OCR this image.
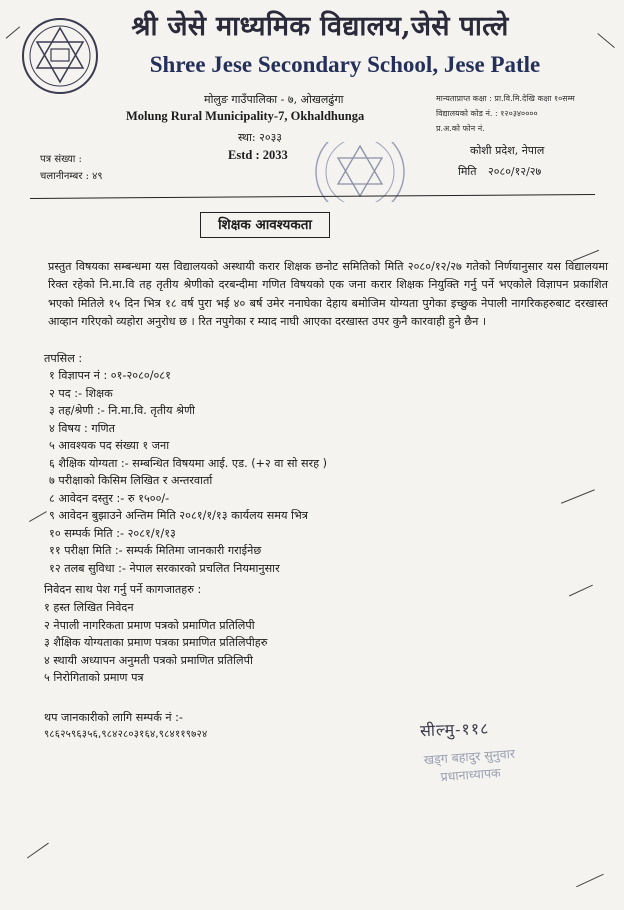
श्री जेसे माध्यमिक विद्यालय,जेसे पात्ले
Shree Jese Secondary School, Jese Patle
मोलुङ गाउँपालिका - ७, ओखलढुंगा
Molung Rural Municipality-7, Okhaldhunga
स्था: २०३३
Estd : 2033
मान्यताप्राप्त कक्षा : प्रा.वि.मि.देखि कक्षा १०सम्म
विद्यालयको कोड नं. : १२०३४००००
प्र.अ.को फोन नं.
कोशी प्रदेश, नेपाल
मिति २०८०/१२/२७
पत्र संख्या :
चलानीनम्बर : ४९
शिक्षक आवश्यकता
प्रस्तुत विषयका सम्बन्धमा यस विद्यालयको अस्थायी करार शिक्षक छनोट समितिको मिति २०८०/१२/२७ गतेको निर्णयानुसार यस विद्यालयमा रिक्त रहेको नि.मा.वि तह तृतीय श्रेणीको दरबन्दीमा गणित विषयको एक जना करार शिक्षक नियुक्ति गर्नु पर्ने भएकोले विज्ञापन प्रकाशित भएको मितिले १५ दिन भित्र १८ वर्ष पुरा भई ४० बर्ष उमेर ननाघेका देहाय बमोजिम योग्यता पुगेका इच्छुक नेपाली नागरिकहरुबाट दरखास्त आव्हान गरिएको व्यहोरा अनुरोध छ । रित नपुगेका र म्याद नाघी आएका दरखास्त उपर कुनै कारवाही हुने छैन ।
तपसिल :
१ विज्ञापन नं : ०१-२०८०/०८१
२ पद :- शिक्षक
३ तह/श्रेणी :- नि.मा.वि. तृतीय श्रेणी
४ विषय : गणित
५ आवश्यक पद संख्या १ जना
६ शैक्षिक योग्यता :- सम्बन्धित विषयमा आई. एड. (+२ वा सो सरह )
७ परीक्षाको किसिम लिखित र अन्तरवार्ता
८ आवेदन दस्तुर :- रु १५००/-
९ आवेदन बुझाउने अन्तिम मिति २०८१/१/१३ कार्यलय समय भित्र
१० सम्पर्क मिति :- २०८१/१/१३
११ परीक्षा मिति :- सम्पर्क मितिमा जानकारी गराईनेछ
१२ तलब सुविधा :- नेपाल सरकारको प्रचलित नियमानुसार
निवेदन साथ पेश गर्नु पर्ने कागजातहरु :
१ हस्त लिखित निवेदन
२ नेपाली नागरिकता प्रमाण पत्रको प्रमाणित प्रतिलिपी
३ शैक्षिक योग्यताका प्रमाण पत्रका प्रमाणित प्रतिलिपीहरु
४ स्थायी अध्यापन अनुमती पत्रको प्रमाणित प्रतिलिपी
५ निरोगिताको प्रमाण पत्र
थप जानकारीको लागि सम्पर्क नं :-
९८६२५९६३५६,९८४२८०३१६४,९८४११९७२४	सील्मु-११८
खड्ग बहादुर सुनुवार
प्रधानाध्यापक
